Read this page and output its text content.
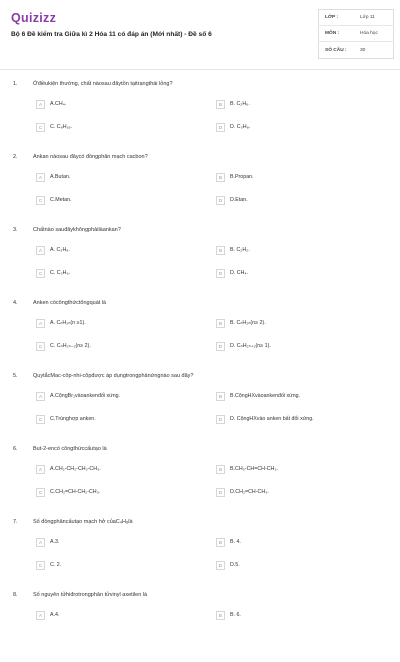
Quizizz
Bộ 6 Đề kiểm tra Giữa kì 2 Hóa 11 có đáp án (Mới nhất) - Đề số 6
LỚP :	Lớp 11
MÔN :	Hóa học
SỐ CÂU :	30
1.	Ởđiềukiện thường, chất nàosau đâytồn tạitrạngthái lỏng?
A	A.CH₄.	B	B. C₂H₆.
C	C. C₈H₁₈.	D	D. C₃H₈.
2.	Ankan nàosau đâycó đồngphân mạch cacbon?
A	A.Butan.	B	B.Propan.
C	C.Metan.	D	D.Etan.
3.	Chấtnào sauđâykhôngphảilàankan?
A	A. C₃H₈.	B	B. C₂H₂.
C	C. C₂H₆.	D	D. CH₄.
4.	Anken cócôngthứctổngquát là
A	A. CₙH₂ₙ(n ≥1).	B	B. CₙH₂ₙ(n≥ 2).
C	C. CₙH₂ₙ₋₂(n≥ 2).	D	D. CₙH₂ₙ₊₂(n≥ 1).
5.	QuytắcMac-côp-nhi-côpđược áp dụngtrongphảnứngnào sau đây?
A	A.CộngBr₂vàoankenđối xứng.	B	B.CộngHXvàoankenđối xứng.
C	C.Trùnghợp anken.	D	D. CộngHXvào anken bất đối xứng.
6.	But-2-encó côngthứccấutạo là
A	A.CH₂-CH₂-CH₂-CH₃.	B	B.CH₃-CH=CH-CH₃.
C	C.CH₂=CH-CH₂-CH₃.	D	D.CH₂=CH-CH₃.
7.	Số đồngphâncấutạo mạch hở củaC₄H₈là
A	A.3.	B	B. 4.
C	C. 2.	D	D.5.
8.	Số nguyên tửhiđrotrongphân tửvinyl axetilen là
A	A.4.	B	B. 6.
